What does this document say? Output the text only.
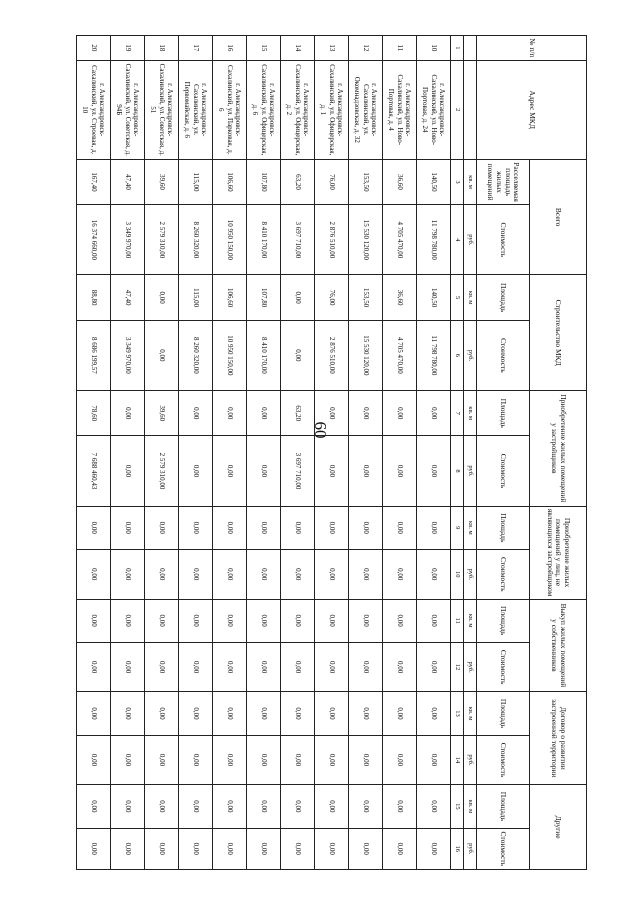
60
№ п/п	Адрес МКД	Всего		Строительство МКД		Приобретение жилых помещений у застройщиков		Приобретение жилых помещений у лиц, не являющихся застройщиком		Выкуп жилых помещений у собственников		Договор о развитии застроенной территории		Другие	
		Расселяемая площадь жилых помещений	Стоимость	Площадь	Стоимость	Площадь	Стоимость	Площадь	Стоимость	Площадь	Стоимость	Площадь	Стоимость	Площадь	Стоимость
		кв. м	руб.	кв. м	руб.	кв. м	руб.	кв. м	руб.	кв. м	руб.	кв. м	руб.	кв. м	руб.
1	2	3	4	5	6	7	8	9	10	11	12	13	14	15	16
10	г. Александровск-Сахалинский, ул. Ново-Портовая, д. 24	140,50	11 798 780,00	140,50	11 798 780,00	0,00	0,00	0,00	0,00	0,00	0,00	0,00	0,00	0,00	0,00
11	г. Александровск-Сахалинский, ул. Ново-Портовая, д. 4	36,60	4 705 470,00	36,60	4 705 470,00	0,00	0,00	0,00	0,00	0,00	0,00	0,00	0,00	0,00	0,00
12	г. Александровск-Сахалинский, ул. Окомнадзовская, д. 32	153,50	15 530 120,00	153,50	15 530 120,00	0,00	0,00	0,00	0,00	0,00	0,00	0,00	0,00	0,00	0,00
13	г. Александровск-Сахалинский, ул. Офицерская, д. 1	76,00	2 876 510,00	76,00	2 876 510,00	0,00	0,00	0,00	0,00	0,00	0,00	0,00	0,00	0,00	0,00
14	г. Александровск-Сахалинский, ул. Офицерская, д. 2	63,20	3 697 710,00	0,00	0,00	63,20	3 697 710,00	0,00	0,00	0,00	0,00	0,00	0,00	0,00	0,00
15	г. Александровск-Сахалинский, ул. Офицерская, д. 6	107,80	8 410 170,00	107,80	8 410 170,00	0,00	0,00	0,00	0,00	0,00	0,00	0,00	0,00	0,00	0,00
16	г. Александровск-Сахалинский, ул. Парковая, д. 6	106,60	10 950 150,00	106,60	10 950 150,00	0,00	0,00	0,00	0,00	0,00	0,00	0,00	0,00	0,00	0,00
17	г. Александровск-Сахалинский, ул. Первомайская, д. 6	115,00	8 260 320,00	115,00	8 260 320,00	0,00	0,00	0,00	0,00	0,00	0,00	0,00	0,00	0,00	0,00
18	г. Александровск-Сахалинский, ул. Советская, д. 51	39,60	2 579 310,00	0,00	0,00	39,60	2 579 310,00	0,00	0,00	0,00	0,00	0,00	0,00	0,00	0,00
19	г. Александровск-Сахалинский, ул. Советская, д. 94Б	47,40	3 349 970,00	47,40	3 349 970,00	0,00	0,00	0,00	0,00	0,00	0,00	0,00	0,00	0,00	0,00
20	г. Александровск-Сахалинский, ул. Строевая, д. 10	167,40	16 374 660,00	88,80	8 686 199,57	78,60	7 688 460,43	0,00	0,00	0,00	0,00	0,00	0,00	0,00	0,00
